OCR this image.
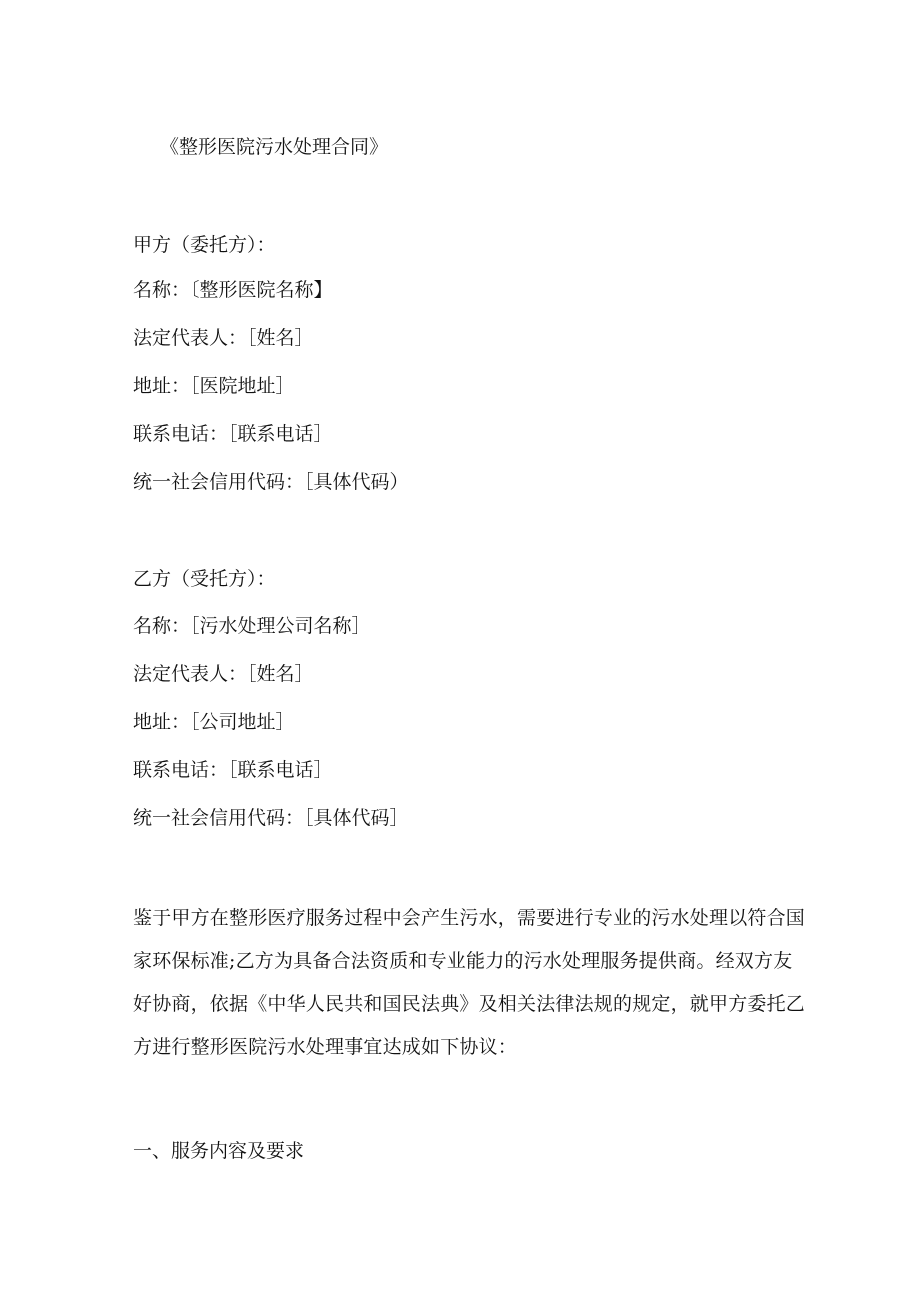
《整形医院污水处理合同》
甲方（委托方）：
名称：〔整形医院名称】
法定代表人：［姓名］
地址：［医院地址］
联系电话：［联系电话］
统一社会信用代码：［具体代码）
乙方（受托方）：
名称：［污水处理公司名称］
法定代表人：［姓名］
地址：［公司地址］
联系电话：［联系电话］
统一社会信用代码：［具体代码］
鉴于甲方在整形医疗服务过程中会产生污水，需要进行专业的污水处理以符合国
家环保标准;乙方为具备合法资质和专业能力的污水处理服务提供商。经双方友
好协商，依据《中华人民共和国民法典》及相关法律法规的规定，就甲方委托乙
方进行整形医院污水处理事宜达成如下协议：
一、服务内容及要求
